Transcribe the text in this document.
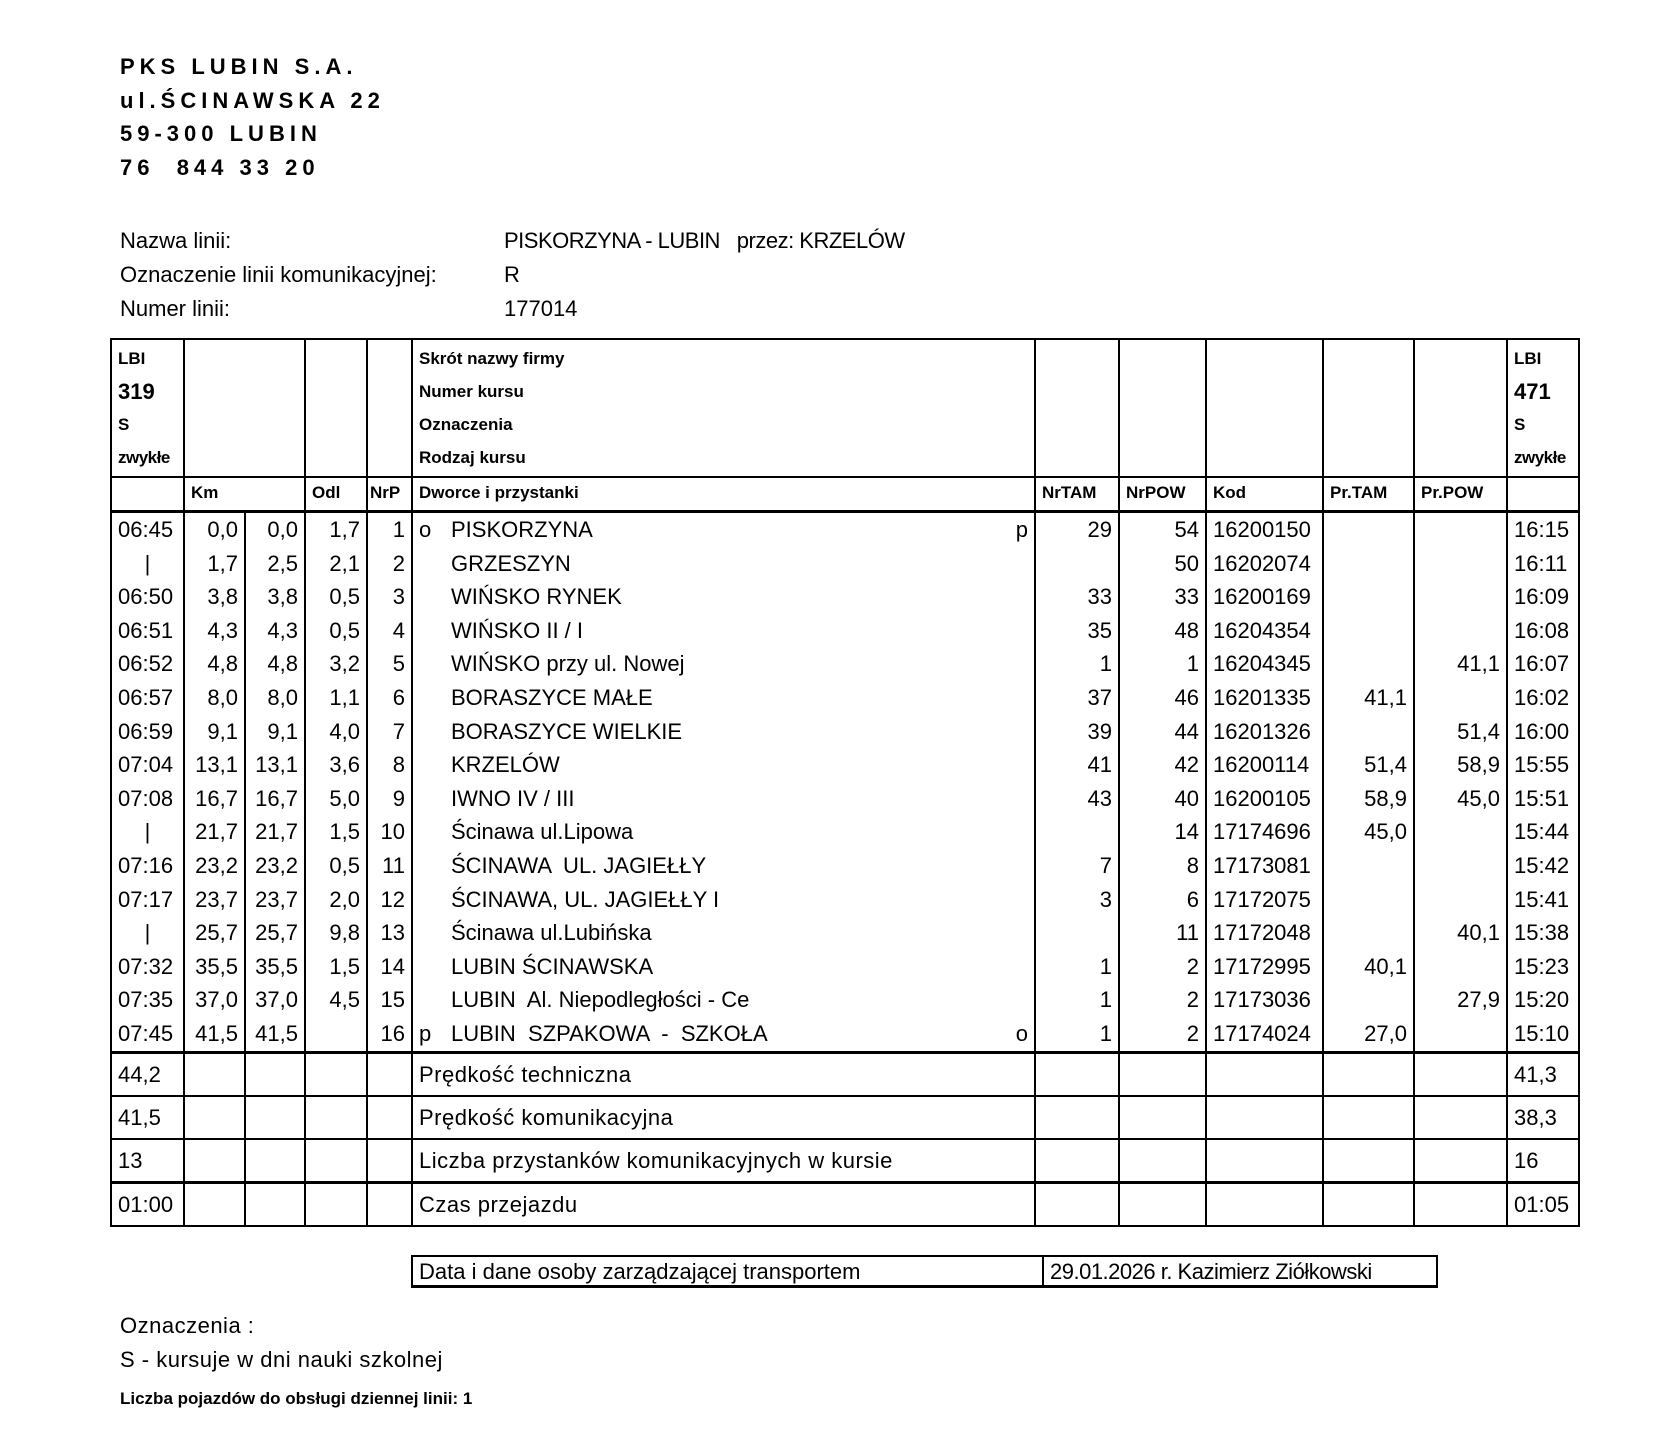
PKS LUBIN S.A.
ul.ŚCINAWSKA 22
59-300 LUBIN
76  844 33 20
Nazwa linii:	PISKORZYNA - LUBIN   przez: KRZELÓW
Oznaczenie linii komunikacyjnej:	R
Numer linii:	177014
LBI
319
S
zwykłe

Skrót nazwy firmy
Numer kursu
Oznaczenia
Rodzaj kursu

LBI
471
S
zwykłe

	Km		Odl	NrP	Dworce i przystanki	NrTAM	NrPOW	Kod	Pr.TAM	Pr.POW	
06:45	0,0	0,0	1,7	1	o PISKORZYNA p	29	54	16200150			16:15
|	1,7	2,5	2,1	2	GRZESZYN		50	16202074			16:11
06:50	3,8	3,8	0,5	3	WIŃSKO RYNEK	33	33	16200169			16:09
06:51	4,3	4,3	0,5	4	WIŃSKO II / I	35	48	16204354			16:08
06:52	4,8	4,8	3,2	5	WIŃSKO przy ul. Nowej	1	1	16204345		41,1	16:07
06:57	8,0	8,0	1,1	6	BORASZYCE MAŁE	37	46	16201335	41,1		16:02
06:59	9,1	9,1	4,0	7	BORASZYCE WIELKIE	39	44	16201326		51,4	16:00
07:04	13,1	13,1	3,6	8	KRZELÓW	41	42	16200114	51,4	58,9	15:55
07:08	16,7	16,7	5,0	9	IWNO IV / III	43	40	16200105	58,9	45,0	15:51
|	21,7	21,7	1,5	10	Ścinawa ul.Lipowa		14	17174696	45,0		15:44
07:16	23,2	23,2	0,5	11	ŚCINAWA  UL. JAGIEŁŁY	7	8	17173081			15:42
07:17	23,7	23,7	2,0	12	ŚCINAWA, UL. JAGIEŁŁY I	3	6	17172075			15:41
|	25,7	25,7	9,8	13	Ścinawa ul.Lubińska		11	17172048		40,1	15:38
07:32	35,5	35,5	1,5	14	LUBIN ŚCINAWSKA	1	2	17172995	40,1		15:23
07:35	37,0	37,0	4,5	15	LUBIN  Al. Niepodległości - Ce	1	2	17173036		27,9	15:20
07:45	41,5	41,5		16	p LUBIN  SZPAKOWA  -  SZKOŁA o	1	2	17174024	27,0		15:10
44,2					Prędkość techniczna						41,3
41,5					Prędkość komunikacyjna						38,3
13					Liczba przystanków komunikacyjnych w kursie						16
01:00					Czas przejazdu						01:05
Data i dane osoby zarządzającej transportem	29.01.2026 r. Kazimierz Ziółkowski
Oznaczenia :
S - kursuje w dni nauki szkolnej
Liczba pojazdów do obsługi dziennej linii: 1
